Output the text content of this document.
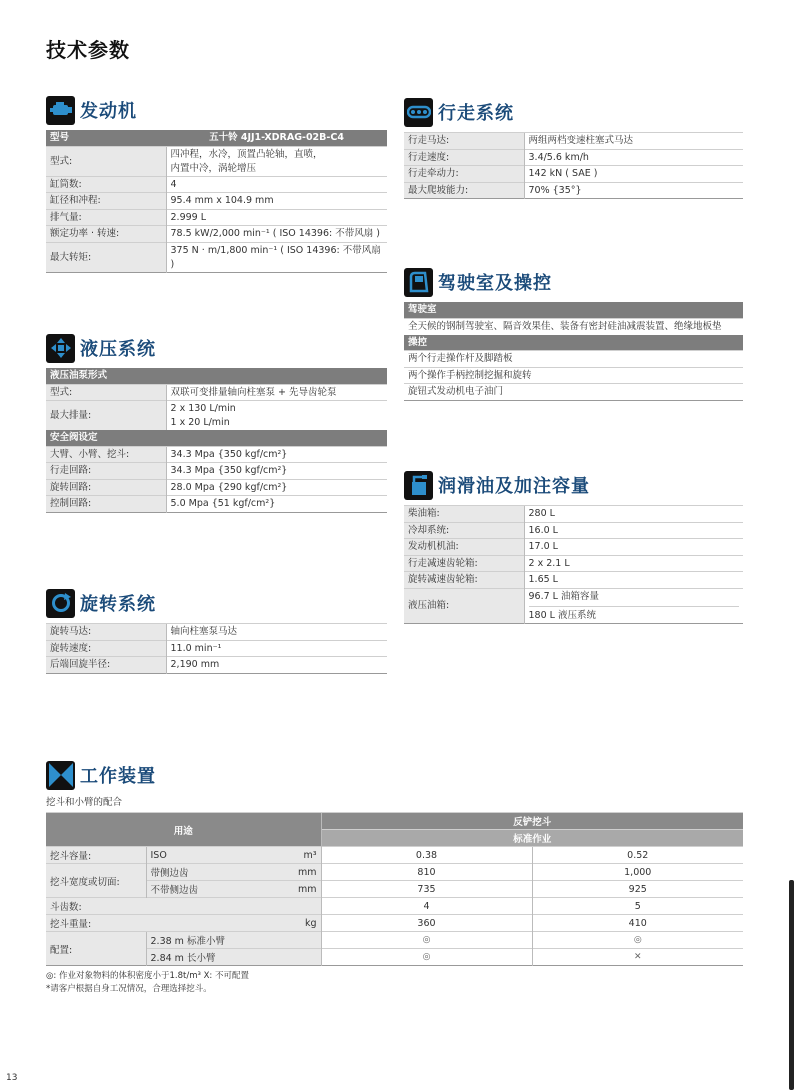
技术参数
发动机
型号	五十铃 4JJ1-XDRAG-02B-C4
型式:	四冲程，水冷，顶置凸轮轴，直喷，
内置中冷，涡轮增压

缸筒数:	4
缸径和冲程:	95.4 mm x 104.9 mm
排气量:	2.999 L
额定功率 · 转速:	78.5 kW/2,000 min⁻¹ ( ISO 14396: 不带风扇 )
最大转矩:	375 N · m/1,800 min⁻¹ ( ISO 14396: 不带风扇 )
液压系统
液压油泵形式	
型式:	双联可变排量轴向柱塞泵 + 先导齿轮泵
最大排量:	2 x 130 L/min
1 x 20 L/min

安全阀设定	
大臂、小臂、挖斗:	34.3 Mpa {350 kgf/cm²}
行走回路:	34.3 Mpa {350 kgf/cm²}
旋转回路:	28.0 Mpa {290 kgf/cm²}
控制回路:	5.0 Mpa {51 kgf/cm²}
旋转系统
旋转马达:	轴向柱塞泵马达
旋转速度:	11.0 min⁻¹
后端回旋半径:	2,190 mm
行走系统
行走马达:	两组两档变速柱塞式马达
行走速度:	3.4/5.6 km/h
行走牵动力:	142 kN ( SAE )
最大爬坡能力:	70% {35°}
驾驶室及操控
驾驶室
全天候的钢制驾驶室、隔音效果佳、装备有密封硅油减震装置、绝缘地板垫
操控
两个行走操作杆及脚踏板
两个操作手柄控制挖掘和旋转
旋钮式发动机电子油门
润滑油及加注容量
柴油箱:	280 L
冷却系统:	16.0 L
发动机机油:	17.0 L
行走减速齿轮箱:	2 x 2.1 L
旋转减速齿轮箱:	1.65 L
液压油箱:	96.7 L 油箱容量
180 L 液压系统
工作装置
挖斗和小臂的配合
用途			反铲挖斗	
			标准作业	
挖斗容量:	ISO	m³	0.38	0.52
挖斗宽度或切面:	带侧边齿	mm	810	1,000
	不带侧边齿	mm	735	925
斗齿数:			4	5
挖斗重量:		kg	360	410
配置:	2.38 m 标准小臂		◎	◎
	2.84 m 长小臂		◎	✕
◎: 作业对象物料的体积密度小于1.8t/m³ X: 不可配置
*请客户根据自身工况情况，合理选择挖斗。
13
